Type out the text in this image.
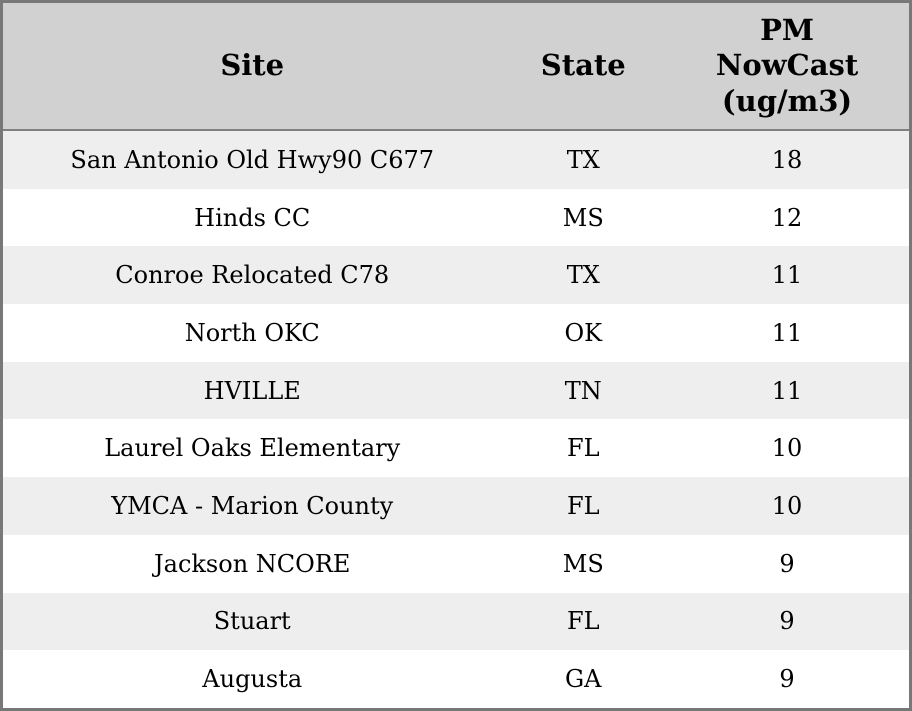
Site	State	PM NowCast (ug/m3)
San Antonio Old Hwy90 C677	TX	18
Hinds CC	MS	12
Conroe Relocated C78	TX	11
North OKC	OK	11
HVILLE	TN	11
Laurel Oaks Elementary	FL	10
YMCA - Marion County	FL	10
Jackson NCORE	MS	9
Stuart	FL	9
Augusta	GA	9
